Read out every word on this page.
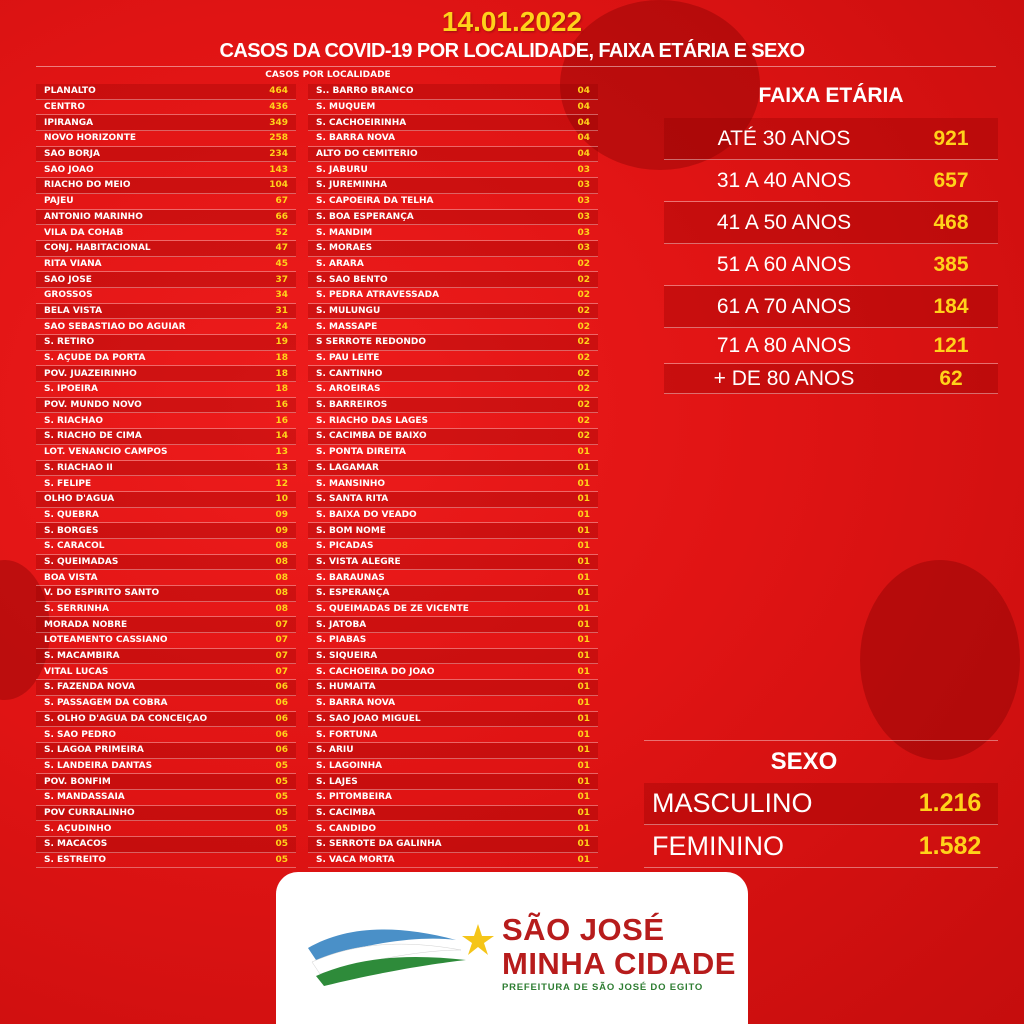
14.01.2022
CASOS DA COVID-19 POR LOCALIDADE, FAIXA ETÁRIA E SEXO
CASOS POR LOCALIDADE
PLANALTO	464
CENTRO	436
IPIRANGA	349
NOVO HORIZONTE	258
SÃO BORJA	234
SÃO JOÃO	143
RIACHO DO MEIO	104
PAJEÚ	67
ANTÔNIO MARINHO	66
VILA DA COHAB	52
CONJ. HABITACIONAL	47
RITA VIANA	45
SÃO JOSÉ	37
GROSSOS	34
BELA VISTA	31
SÃO SEBASTIÃO DO AGUIAR	24
S. RETIRO	19
S. AÇUDE DA PORTA	18
POV. JUAZEIRINHO	18
S. IPOEIRA	18
POV. MUNDO NOVO	16
S. RIACHÃO	16
S. RIACHO DE CIMA	14
LOT. VENÂNCIO CAMPOS	13
S. RIACHÃO II	13
S. FELIPE	12
OLHO D'ÁGUA	10
S. QUEBRA	09
S. BORGES	09
S. CARACOL	08
S. QUEIMADAS	08
BOA VISTA	08
V. DO ESPIRITO SANTO	08
S. SERRINHA	08
MORADA NOBRE	07
LOTEAMENTO CASSIANO	07
S. MACAMBIRA	07
VITAL LUCAS	07
S. FAZENDA NOVA	06
S. PASSAGEM DA COBRA	06
S. OLHO D'ÁGUA DA CONCEIÇÃO	06
S. SÃO PEDRO	06
S. LAGOA PRIMEIRA	06
S. LANDEIRA DANTAS	05
POV. BONFIM	05
S. MANDASSAIA	05
POV CURRALINHO	05
S. AÇUDINHO	05
S. MACACOS	05
S. ESTREITO	05
S.. BARRO BRANCO	04
S. MUQUÉM	04
S. CACHOEIRINHA	04
S. BARRA NOVA	04
ALTO DO CEMITÉRIO	04
S. JABURÚ	03
S. JUREMINHA	03
S. CAPOEIRA DA TELHA	03
S. BOA ESPERANÇA	03
S. MANDIM	03
S. MORAES	03
S. ARARA	02
S. SÃO BENTO	02
S. PEDRA ATRAVESSADA	02
S. MULUNGÚ	02
S. MASSAPÊ	02
S SERROTE REDONDO	02
S. PAU LEITE	02
S. CANTINHO	02
S. AROEIRAS	02
S. BARREIROS	02
S. RIACHO DAS LAGES	02
S. CACIMBA DE BAIXO	02
S. PONTA DIREITA	01
S. LAGAMAR	01
S. MANSINHO	01
S. SANTA RITA	01
S. BAIXA DO VEADO	01
S. BOM NOME	01
S. PICADAS	01
S. VISTA ALEGRE	01
S. BARAÚNAS	01
S. ESPERANÇA	01
S. QUEIMADAS DE ZÉ VICENTE	01
S. JATOBÁ	01
S. PIABAS	01
S. SIQUEIRA	01
S. CACHOEIRA DO JOÃO	01
S. HUMAITÁ	01
S. BARRA NOVA	01
S. SÃO JOÃO MIGUEL	01
S. FORTUNA	01
S. ARIÚ	01
S. LAGOINHA	01
S. LAJES	01
S. PITOMBEIRA	01
S. CACIMBA	01
S. CÂNDIDO	01
S. SERROTE DA GALINHA	01
S. VACA MORTA	01
FAIXA ETÁRIA
ATÉ 30 ANOS	921
31 A 40 ANOS	657
41 A 50 ANOS	468
51 A 60 ANOS	385
61 A 70 ANOS	184
71 A 80 ANOS	121
+ DE 80 ANOS	62
SEXO
MASCULINO	1.216
FEMININO	1.582
SÃO JOSÉ
MINHA CIDADE
PREFEITURA DE SÃO JOSÉ DO EGITO
